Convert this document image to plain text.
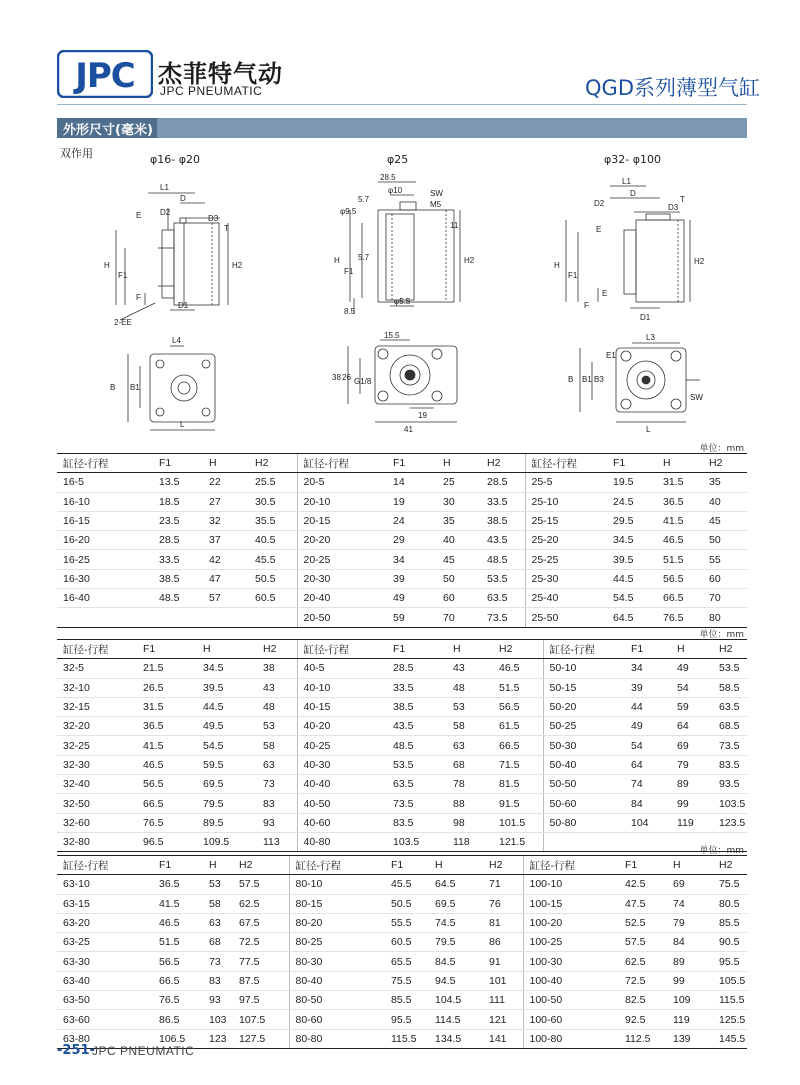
JPC 杰菲特气动
JPC PNEUMATIC	QGD系列薄型气缸
外形尺寸(毫米)
双作用	φ16- φ20	φ25	φ32- φ100
L1
D
D2
D3
E
T
H
F1
H2
F
D1
2-EE
L4
B B1
L
28.5
SW
φ10
M5
φ9.5
5.7
11
H
F1
5.7	H2
8.5
φ5.5
15.5
38 26 G1/8
19
41
L1
D
D2	D3
T
E
H
F1
H2
F
E
D1
L3
E1
B	B3
B1
SW
L
单位：mm
缸径-行程	F1	H	H2	缸径-行程	F1	H	H2	缸径-行程	F1	H	H2
16-5	13.5	22	25.5	20-5	14	25	28.5	25-5	19.5	31.5	35
16-10	18.5	27	30.5	20-10	19	30	33.5	25-10	24.5	36.5	40
16-15	23.5	32	35.5	20-15	24	35	38.5	25-15	29.5	41.5	45
16-20	28.5	37	40.5	20-20	29	40	43.5	25-20	34.5	46.5	50
16-25	33.5	42	45.5	20-25	34	45	48.5	25-25	39.5	51.5	55
16-30	38.5	47	50.5	20-30	39	50	53.5	25-30	44.5	56.5	60
16-40	48.5	57	60.5	20-40	49	60	63.5	25-40	54.5	66.5	70
				20-50	59	70	73.5	25-50	64.5	76.5	80
单位：mm
缸径-行程	F1	H	H2	缸径-行程	F1	H	H2	缸径-行程	F1	H	H2
32-5	21.5	34.5	38	40-5	28.5	43	46.5	50-10	34	49	53.5
32-10	26.5	39.5	43	40-10	33.5	48	51.5	50-15	39	54	58.5
32-15	31.5	44.5	48	40-15	38.5	53	56.5	50-20	44	59	63.5
32-20	36.5	49.5	53	40-20	43.5	58	61.5	50-25	49	64	68.5
32-25	41.5	54.5	58	40-25	48.5	63	66.5	50-30	54	69	73.5
32-30	46.5	59.5	63	40-30	53.5	68	71.5	50-40	64	79	83.5
32-40	56.5	69.5	73	40-40	63.5	78	81.5	50-50	74	89	93.5
32-50	66.5	79.5	83	40-50	73.5	88	91.5	50-60	84	99	103.5
32-60	76.5	89.5	93	40-60	83.5	98	101.5	50-80	104	119	123.5
32-80	96.5	109.5	113	40-80	103.5	118	121.5				
单位：mm
缸径-行程	F1	H	H2	缸径-行程	F1	H	H2	缸径-行程	F1	H	H2
63-10	36.5	53	57.5	80-10	45.5	64.5	71	100-10	42.5	69	75.5
63-15	41.5	58	62.5	80-15	50.5	69.5	76	100-15	47.5	74	80.5
63-20	46.5	63	67.5	80-20	55.5	74.5	81	100-20	52.5	79	85.5
63-25	51.5	68	72.5	80-25	60.5	79.5	86	100-25	57.5	84	90.5
63-30	56.5	73	77.5	80-30	65.5	84.5	91	100-30	62.5	89	95.5
63-40	66.5	83	87.5	80-40	75.5	94.5	101	100-40	72.5	99	105.5
63-50	76.5	93	97.5	80-50	85.5	104.5	111	100-50	82.5	109	115.5
63-60	86.5	103	107.5	80-60	95.5	114.5	121	100-60	92.5	119	125.5
63-80	106.5	123	127.5	80-80	115.5	134.5	141	100-80	112.5	139	145.5
-251-
JPC PNEUMATIC
